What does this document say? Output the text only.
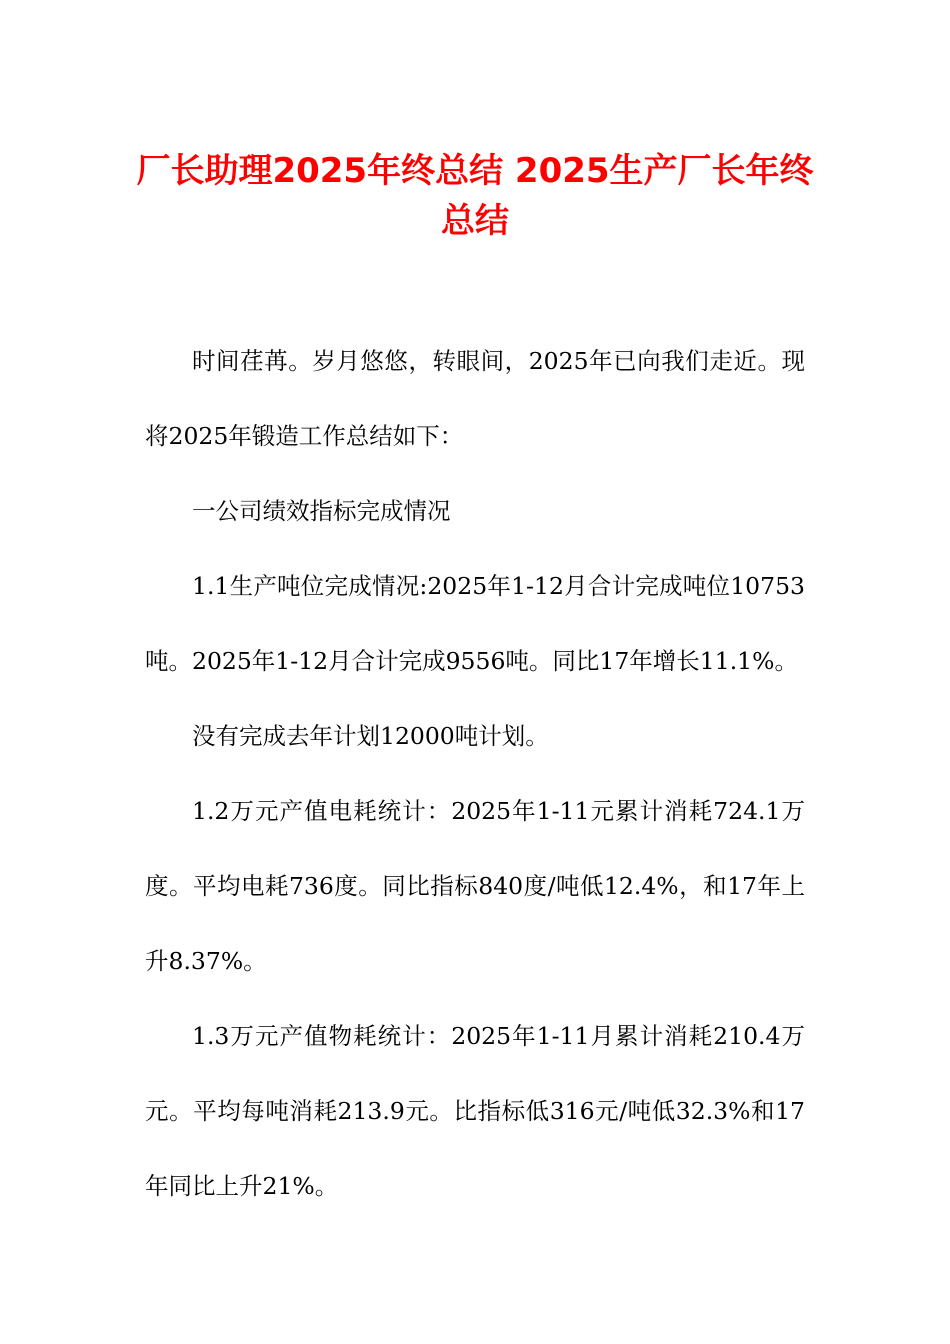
厂长助理2025年终总结 2025生产厂长年终总结

时间荏苒。岁月悠悠，转眼间，2025年已向我们走近。现将2025年锻造工作总结如下：

一公司绩效指标完成情况

1.1生产吨位完成情况:2025年1-12月合计完成吨位10753吨。2025年1-12月合计完成9556吨。同比17年增长11.1%。

没有完成去年计划12000吨计划。

1.2万元产值电耗统计：2025年1-11元累计消耗724.1万度。平均电耗736度。同比指标840度/吨低12.4%，和17年上升8.37%。

1.3万元产值物耗统计：2025年1-11月累计消耗210.4万元。平均每吨消耗213.9元。比指标低316元/吨低32.3%和17年同比上升21%。
